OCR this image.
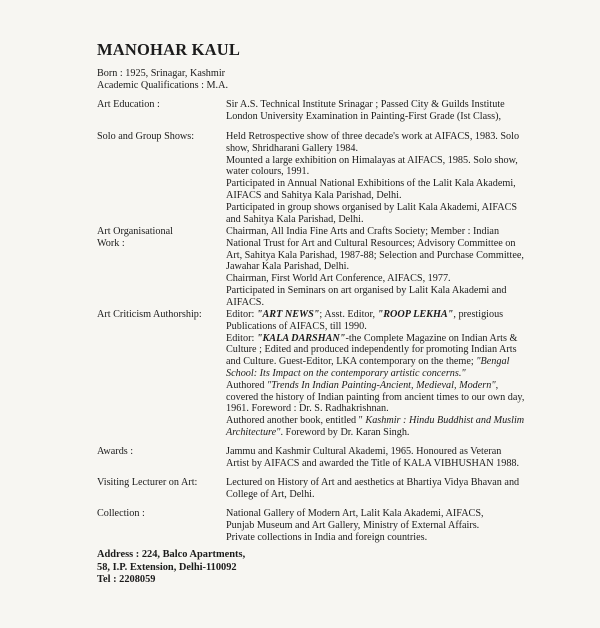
MANOHAR KAUL
Born : 1925, Srinagar, Kashmir
Academic Qualifications : M.A.
Art Education :	Sir A.S. Technical Institute Srinagar ; Passed City & Guilds Institute
London University Examination in Painting-First Grade (Ist Class),
Solo and Group Shows:	Held Retrospective show of three decade's work at AIFACS, 1983. Solo
show, Shridharani Gallery 1984.
Mounted a large exhibition on Himalayas at AIFACS, 1985. Solo show,
water colours, 1991.
Participated in Annual National Exhibitions of the Lalit Kala Akademi,
AIFACS and Sahitya Kala Parishad, Delhi.
Participated in group shows organised by Lalit Kala Akademi, AIFACS
and Sahitya Kala Parishad, Delhi.
Art Organisational
Work :
Chairman, All India Fine Arts and Crafts Society; Member : Indian
National Trust for Art and Cultural Resources; Advisory Committee on
Art, Sahitya Kala Parishad, 1987-88; Selection and Purchase Committee,
Jawahar Kala Parishad, Delhi.
Chairman, First World Art Conference, AIFACS, 1977.
Participated in Seminars on art organised by Lalit Kala Akademi and
AIFACS.
Art Criticism Authorship:	Editor: "ART NEWS"; Asst. Editor, "ROOP LEKHA", prestigious
Publications of AIFACS, till 1990.
Editor: "KALA DARSHAN"-the Complete Magazine on Indian Arts &
Culture ; Edited and produced independently for promoting Indian Arts
and Culture. Guest-Editor, LKA contemporary on the theme; "Bengal
School: Its Impact on the contemporary artistic concerns."
Authored "Trends In Indian Painting-Ancient, Medieval, Modern",
covered the history of Indian painting from ancient times to our own day,
1961. Foreword : Dr. S. Radhakrishnan.
Authored another book, entitled " Kashmir : Hindu Buddhist and Muslim
Architecture". Foreword by Dr. Karan Singh.
Awards :	Jammu and Kashmir Cultural Akademi, 1965. Honoured as Veteran
Artist by AIFACS and awarded the Title of KALA VIBHUSHAN 1988.
Visiting Lecturer on Art:	Lectured on History of Art and aesthetics at Bhartiya Vidya Bhavan and
College of Art, Delhi.
Collection :	National Gallery of Modern Art, Lalit Kala Akademi, AIFACS,
Punjab Museum and Art Gallery, Ministry of External Affairs.
Private collections in India and foreign countries.
Address : 224, Balco Apartments,
58, I.P. Extension, Delhi-110092
Tel : 2208059
